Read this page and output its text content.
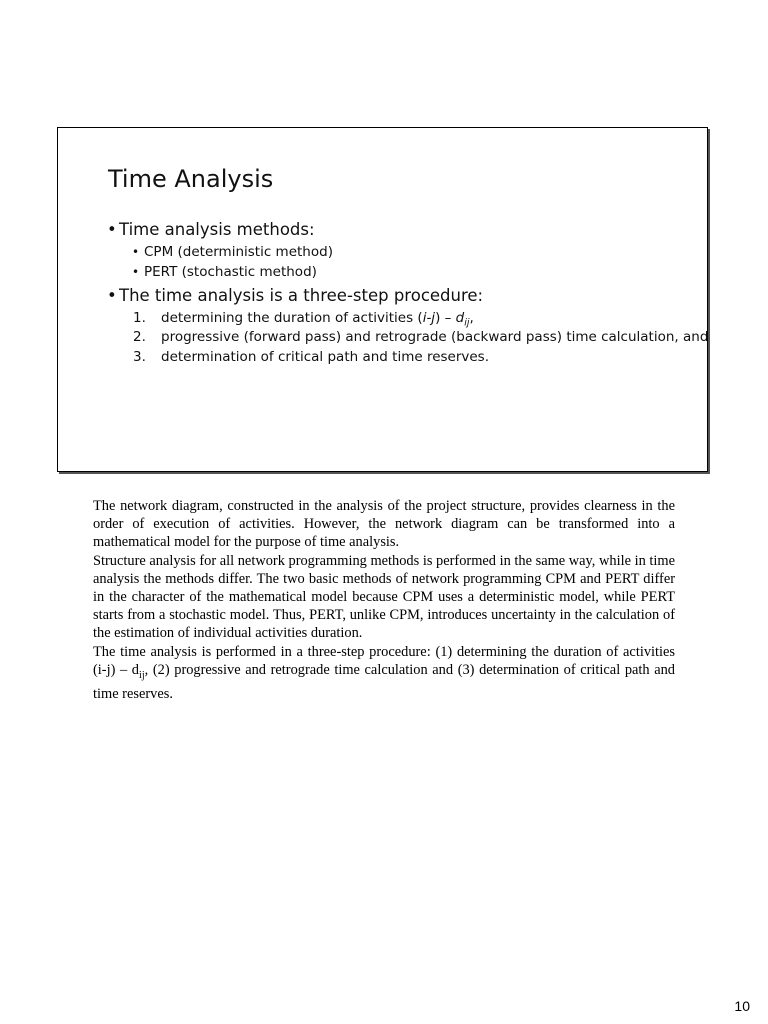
Time Analysis
• Time analysis methods:
• CPM (deterministic method)
• PERT (stochastic method)
• The time analysis is a three-step procedure:
1. determining the duration of activities $(i-j) - d_{ij}$,
2. progressive (forward pass) and retrograde (backward pass) time calculation, and
3. determination of critical path and time reserves.

The network diagram, constructed in the analysis of the project structure, provides clearness in the order of execution of activities. However, the network diagram can be transformed into a mathematical model for the purpose of time analysis.

Structure analysis for all network programming methods is performed in the same way, while in time analysis the methods differ. The two basic methods of network programming CPM and PERT differ in the character of the mathematical model because CPM uses a deterministic model, while PERT starts from a stochastic model. Thus, PERT, unlike CPM, introduces uncertainty in the calculation of the estimation of individual activities duration.

The time analysis is performed in a three-step procedure: (1) determining the duration of activities $(i-j) - d_{ij}$, (2) progressive and retrograde time calculation and (3) determination of critical path and time reserves.

10
